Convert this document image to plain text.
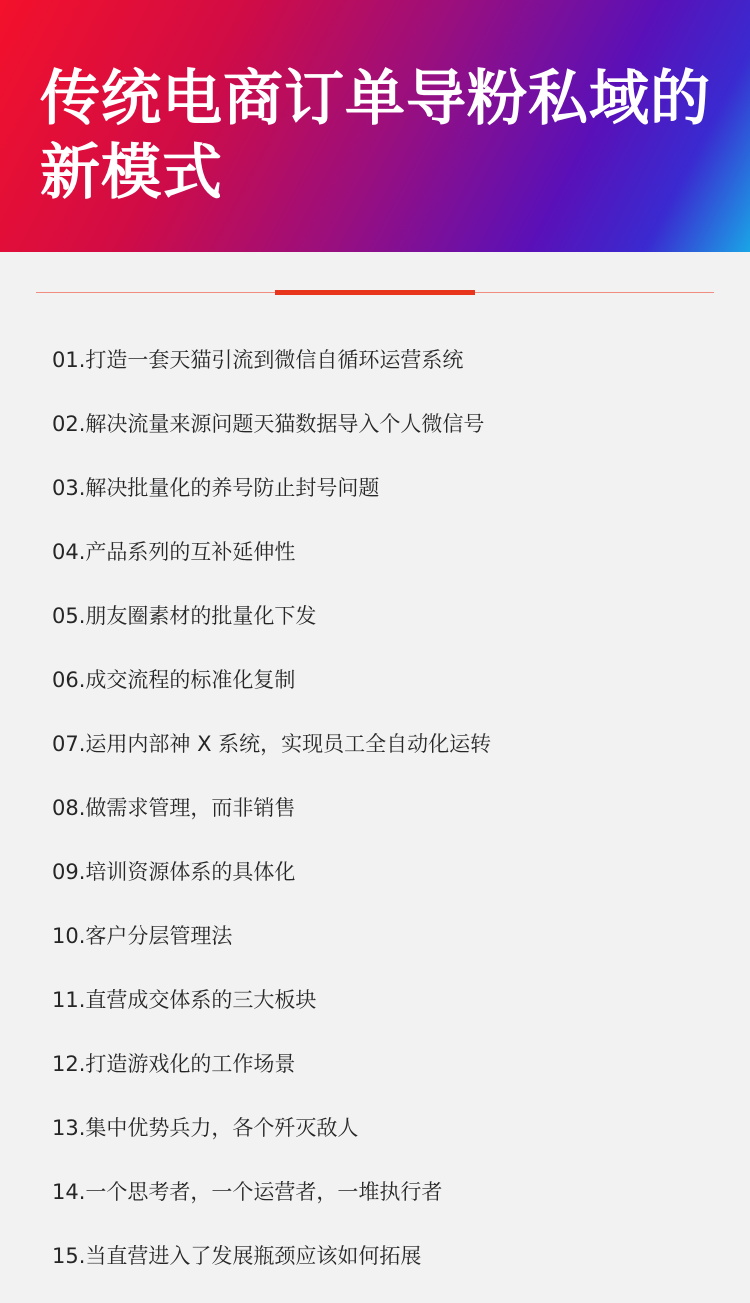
传统电商订单导粉私域的新模式
01.打造一套天猫引流到微信自循环运营系统
02.解决流量来源问题天猫数据导入个人微信号
03.解决批量化的养号防止封号问题
04.产品系列的互补延伸性
05.朋友圈素材的批量化下发
06.成交流程的标准化复制
07.运用内部神 X 系统，实现员工全自动化运转
08.做需求管理，而非销售
09.培训资源体系的具体化
10.客户分层管理法
11.直营成交体系的三大板块
12.打造游戏化的工作场景
13.集中优势兵力，各个歼灭敌人
14.一个思考者，一个运营者，一堆执行者
15.当直营进入了发展瓶颈应该如何拓展
